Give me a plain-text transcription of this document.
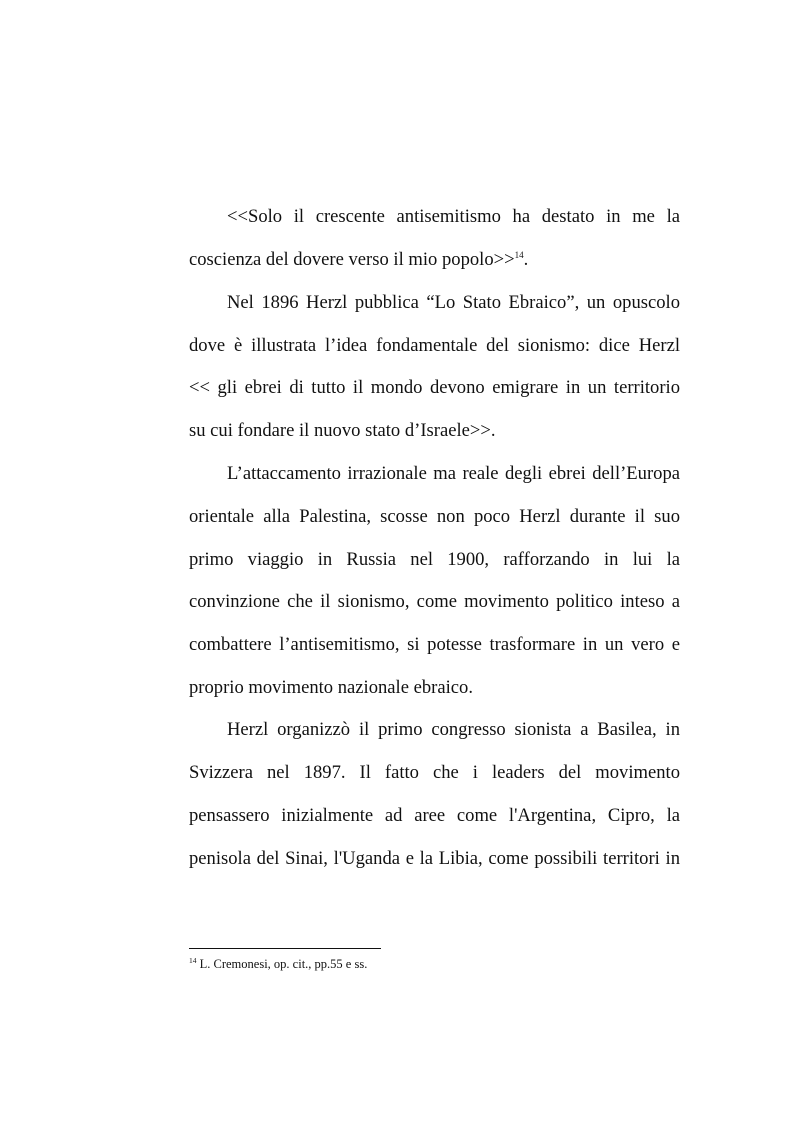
<<Solo il crescente antisemitismo ha destato in me la
coscienza del dovere verso il mio popolo>>$^{14}$.
Nel 1896 Herzl pubblica “Lo Stato Ebraico”, un opuscolo
dove è illustrata l’idea fondamentale del sionismo: dice Herzl
<< gli ebrei di tutto il mondo devono emigrare in un territorio
su cui fondare il nuovo stato d’Israele>>.
L’attaccamento irrazionale ma reale degli ebrei dell’Europa
orientale alla Palestina, scosse non poco Herzl durante il suo
primo viaggio in Russia nel 1900, rafforzando in lui la
convinzione che il sionismo, come movimento politico inteso a
combattere l’antisemitismo, si potesse trasformare in un vero e
proprio movimento nazionale ebraico.
Herzl organizzò il primo congresso sionista a Basilea, in
Svizzera nel 1897. Il fatto che i leaders del movimento
pensassero inizialmente ad aree come l'Argentina, Cipro, la
penisola del Sinai, l'Uganda e la Libia, come possibili territori in
$^{14}$ L. Cremonesi, op. cit., pp.55 e ss.
